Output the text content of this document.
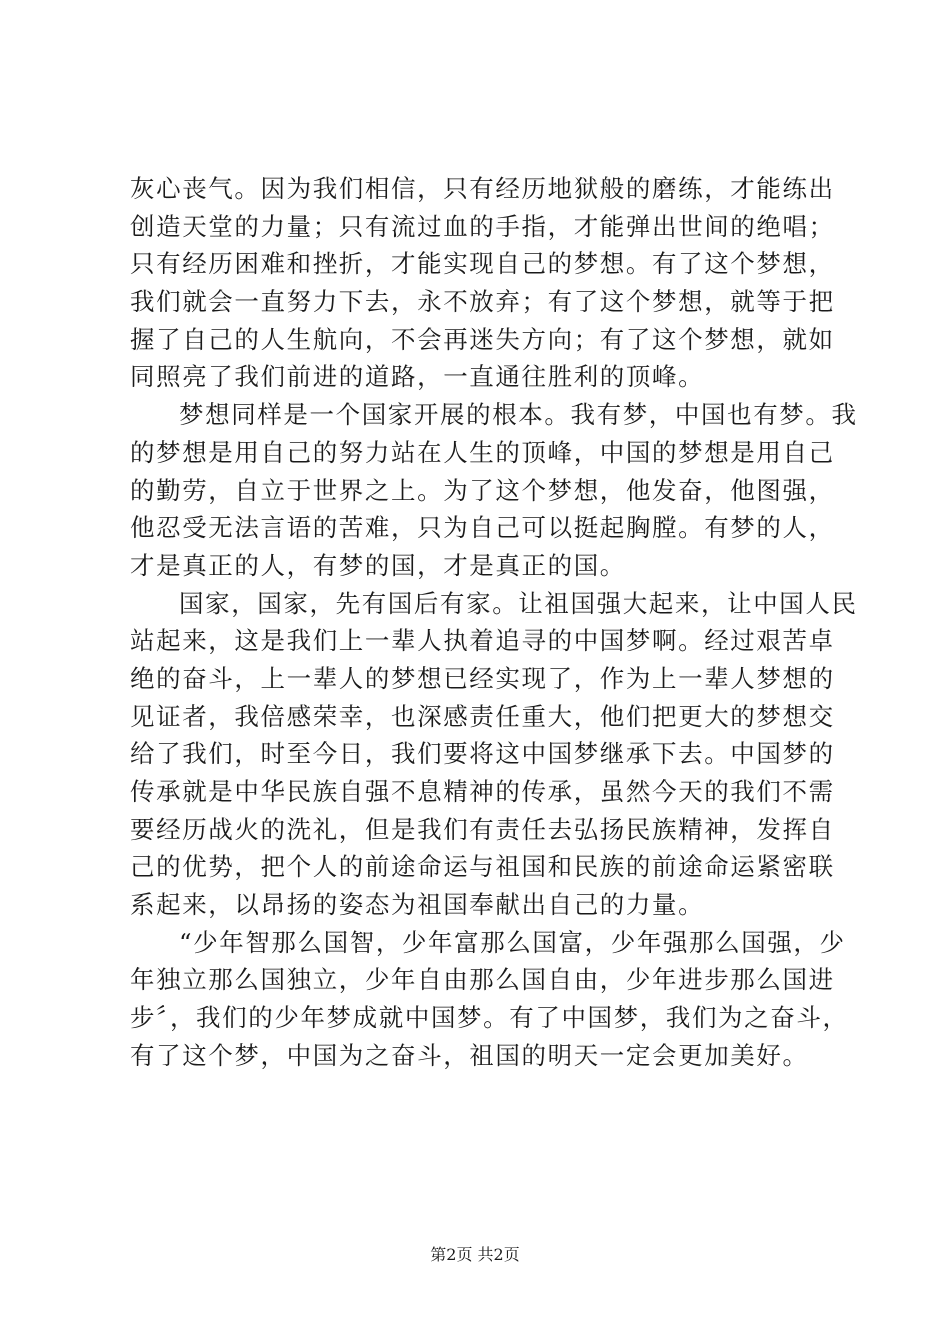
灰心丧气。因为我们相信，只有经历地狱般的磨练，才能练出
创造天堂的力量；只有流过血的手指，才能弹出世间的绝唱；
只有经历困难和挫折，才能实现自己的梦想。有了这个梦想，
我们就会一直努力下去，永不放弃；有了这个梦想，就等于把
握了自己的人生航向，不会再迷失方向；有了这个梦想，就如
同照亮了我们前进的道路，一直通往胜利的顶峰。
梦想同样是一个国家开展的根本。我有梦，中国也有梦。我
的梦想是用自己的努力站在人生的顶峰，中国的梦想是用自己
的勤劳，自立于世界之上。为了这个梦想，他发奋，他图强，
他忍受无法言语的苦难，只为自己可以挺起胸膛。有梦的人，
才是真正的人，有梦的国，才是真正的国。
国家，国家，先有国后有家。让祖国强大起来，让中国人民
站起来，这是我们上一辈人执着追寻的中国梦啊。经过艰苦卓
绝的奋斗，上一辈人的梦想已经实现了，作为上一辈人梦想的
见证者，我倍感荣幸，也深感责任重大，他们把更大的梦想交
给了我们，时至今日，我们要将这中国梦继承下去。中国梦的
传承就是中华民族自强不息精神的传承，虽然今天的我们不需
要经历战火的洗礼，但是我们有责任去弘扬民族精神，发挥自
己的优势，把个人的前途命运与祖国和民族的前途命运紧密联
系起来，以昂扬的姿态为祖国奉献出自己的力量。
“少年智那么国智，少年富那么国富，少年强那么国强，少
年独立那么国独立，少年自由那么国自由，少年进步那么国进
步〞，我们的少年梦成就中国梦。有了中国梦，我们为之奋斗，
有了这个梦，中国为之奋斗，祖国的明天一定会更加美好。
第2页 共2页
